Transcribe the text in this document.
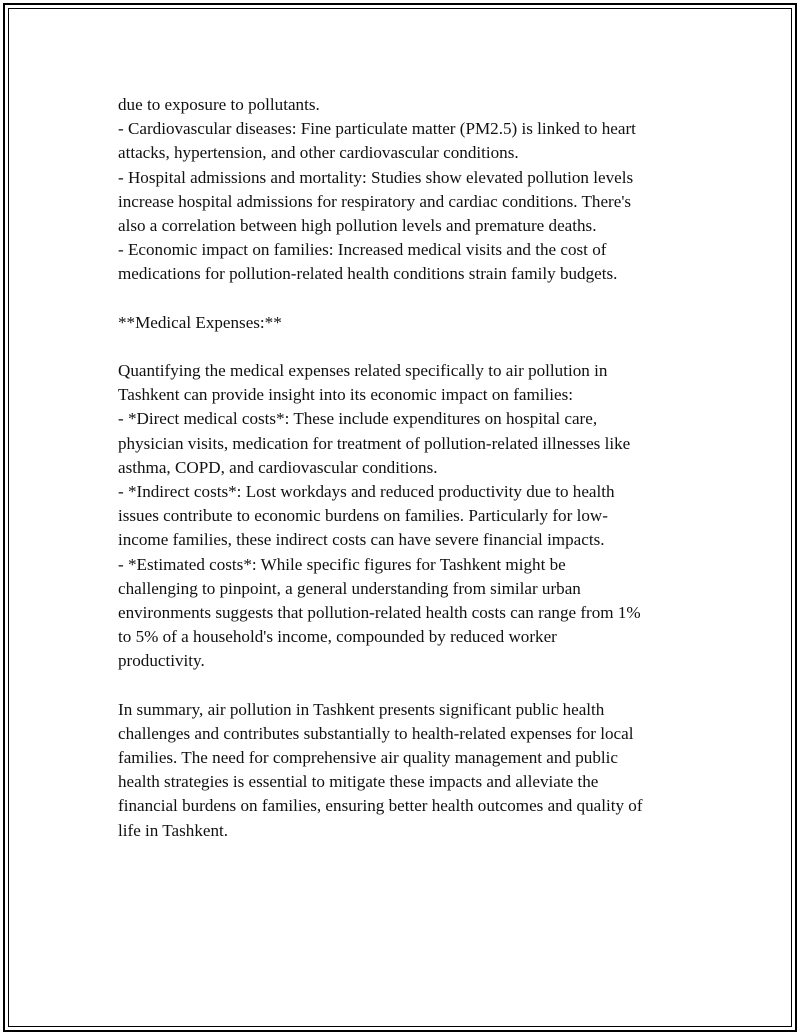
due to exposure to pollutants.
- Cardiovascular diseases: Fine particulate matter (PM2.5) is linked to heart
attacks, hypertension, and other cardiovascular conditions.
- Hospital admissions and mortality: Studies show elevated pollution levels
increase hospital admissions for respiratory and cardiac conditions. There's
also a correlation between high pollution levels and premature deaths.
- Economic impact on families: Increased medical visits and the cost of
medications for pollution-related health conditions strain family budgets.
**Medical Expenses:**
Quantifying the medical expenses related specifically to air pollution in
Tashkent can provide insight into its economic impact on families:
- *Direct medical costs*: These include expenditures on hospital care,
physician visits, medication for treatment of pollution-related illnesses like
asthma, COPD, and cardiovascular conditions.
- *Indirect costs*: Lost workdays and reduced productivity due to health
issues contribute to economic burdens on families. Particularly for low-
income families, these indirect costs can have severe financial impacts.
- *Estimated costs*: While specific figures for Tashkent might be
challenging to pinpoint, a general understanding from similar urban
environments suggests that pollution-related health costs can range from 1%
to 5% of a household's income, compounded by reduced worker
productivity.
In summary, air pollution in Tashkent presents significant public health
challenges and contributes substantially to health-related expenses for local
families. The need for comprehensive air quality management and public
health strategies is essential to mitigate these impacts and alleviate the
financial burdens on families, ensuring better health outcomes and quality of
life in Tashkent.
